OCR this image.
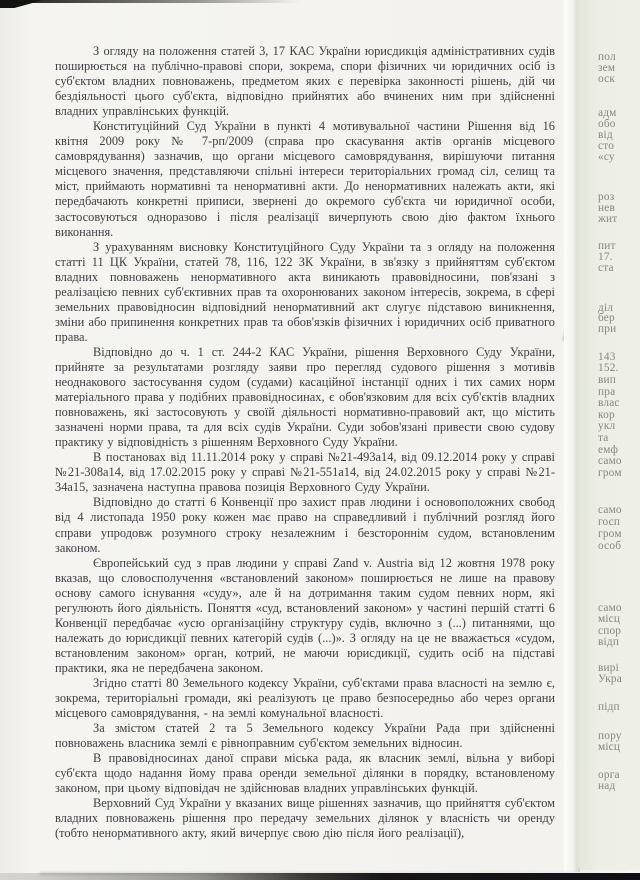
З огляду на положення статей 3, 17 КАС України юрисдикція адміністративних судів поширюється на публічно-правові спори, зокрема, спори фізичних чи юридичних осіб із суб'єктом владних повноважень, предметом яких є перевірка законності рішень, дій чи бездіяльності цього суб'єкта, відповідно прийнятих або вчинених ним при здійсненні владних управлінських функцій.

Конституційний Суд України в пункті 4 мотивувальної частини Рішення від 16 квітня 2009 року № 7-рп/2009 (справа про скасування актів органів місцевого самоврядування) зазначив, що органи місцевого самоврядування, вирішуючи питання місцевого значення, представляючи спільні інтереси територіальних громад сіл, селищ та міст, приймають нормативні та ненормативні акти. До ненормативних належать акти, які передбачають конкретні приписи, звернені до окремого суб'єкта чи юридичної особи, застосовуються одноразово і після реалізації вичерпують свою дію фактом їхнього виконання.

З урахуванням висновку Конституційного Суду України та з огляду на положення статті 11 ЦК України, статей 78, 116, 122 ЗК України, в зв'язку з прийняттям суб'єктом владних повноважень ненормативного акта виникають правовідносини, пов'язані з реалізацією певних суб'єктивних прав та охоронюваних законом інтересів, зокрема, в сфері земельних правовідносин відповідний ненормативний акт слугує підставою виникнення, зміни або припинення конкретних прав та обов'язків фізичних і юридичних осіб приватного права.

Відповідно до ч. 1 ст. 244-2 КАС України, рішення Верховного Суду України, прийняте за результатами розгляду заяви про перегляд судового рішення з мотивів неоднакового застосування судом (судами) касаційної інстанції одних і тих самих норм матеріального права у подібних правовідносинах, є обов'язковим для всіх суб'єктів владних повноважень, які застосовують у своїй діяльності нормативно-правовий акт, що містить зазначені норми права, та для всіх судів України. Суди зобов'язані привести свою судову практику у відповідність з рішенням Верховного Суду України.

В постановах від 11.11.2014 року у справі №21-493а14, від 09.12.2014 року у справі №21-308а14, від 17.02.2015 року у справі №21-551а14, від 24.02.2015 року у справі №21-34а15, зазначена наступна правова позиція Верховного Суду України.

Відповідно до статті 6 Конвенції про захист прав людини і основоположних свобод від 4 листопада 1950 року кожен має право на справедливий і публічний розгляд його справи упродовж розумного строку незалежним і безстороннім судом, встановленим законом.

Європейський суд з прав людини у справі Zand v. Austria від 12 жовтня 1978 року вказав, що словосполучення «встановлений законом» поширюється не лише на правову основу самого існування «суду», але й на дотримання таким судом певних норм, які регулюють його діяльність. Поняття «суд, встановлений законом» у частині першій статті 6 Конвенції передбачає «усю організаційну структуру судів, включно з (...) питаннями, що належать до юрисдикції певних категорій судів (...)». З огляду на це не вважається «судом, встановленим законом» орган, котрий, не маючи юрисдикції, судить осіб на підставі практики, яка не передбачена законом.

Згідно статті 80 Земельного кодексу України, суб'єктами права власності на землю є, зокрема, територіальні громади, які реалізують це право безпосередньо або через органи місцевого самоврядування, - на землі комунальної власності.

За змістом статей 2 та 5 Земельного кодексу України Рада при здійсненні повноважень власника землі є рівноправним суб'єктом земельних відносин.

В правовідносинах даної справи міська рада, як власник землі, вільна у виборі суб'єкта щодо надання йому права оренди земельної ділянки в порядку, встановленому законом, при цьому відповідач не здійснював владних управлінських функцій.

Верховний Суд України у вказаних вище рішеннях зазначив, що прийняття суб'єктом владних повноважень рішення про передачу земельних ділянок у власність чи оренду (тобто ненормативного акту, який вичерпує свою дію після його реалізації),

пол
зем
оск
адм
обо
від
сто
«су
роз
нев
жит
пит
17.
ста
діл
бер
при
143
152.
вип
пра
влас
кор
укл
та
емф
само
гром
само
госп
гром
особ
само
місц
спор
відп
вирі
Укра
підп
пору
місц
орга
над
